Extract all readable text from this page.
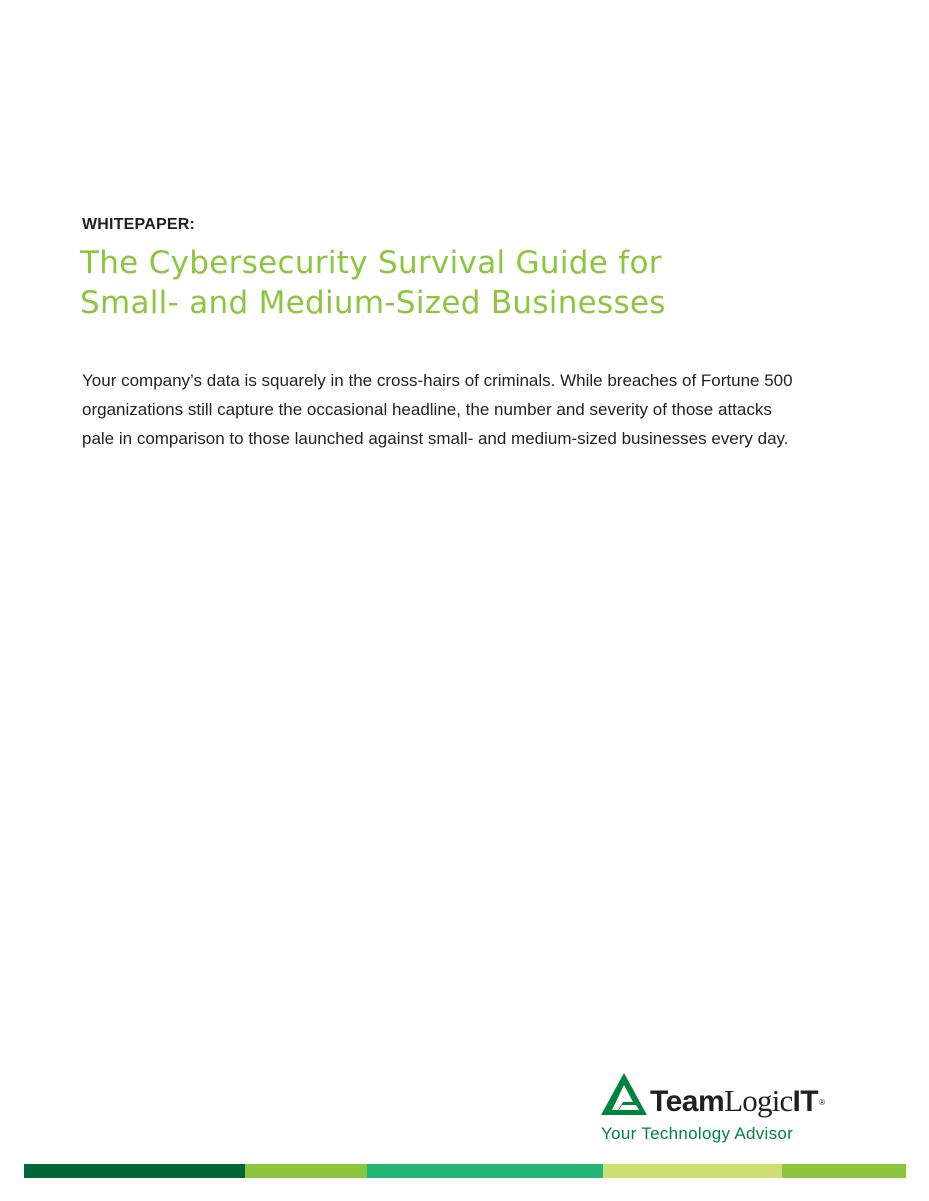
WHITEPAPER:
The Cybersecurity Survival Guide for
Small- and Medium-Sized Businesses

Your company’s data is squarely in the cross-hairs of criminals. While breaches of Fortune 500
organizations still capture the occasional headline, the number and severity of those attacks
pale in comparison to those launched against small- and medium-sized businesses every day.

TeamLogicIT®
Your Technology Advisor
